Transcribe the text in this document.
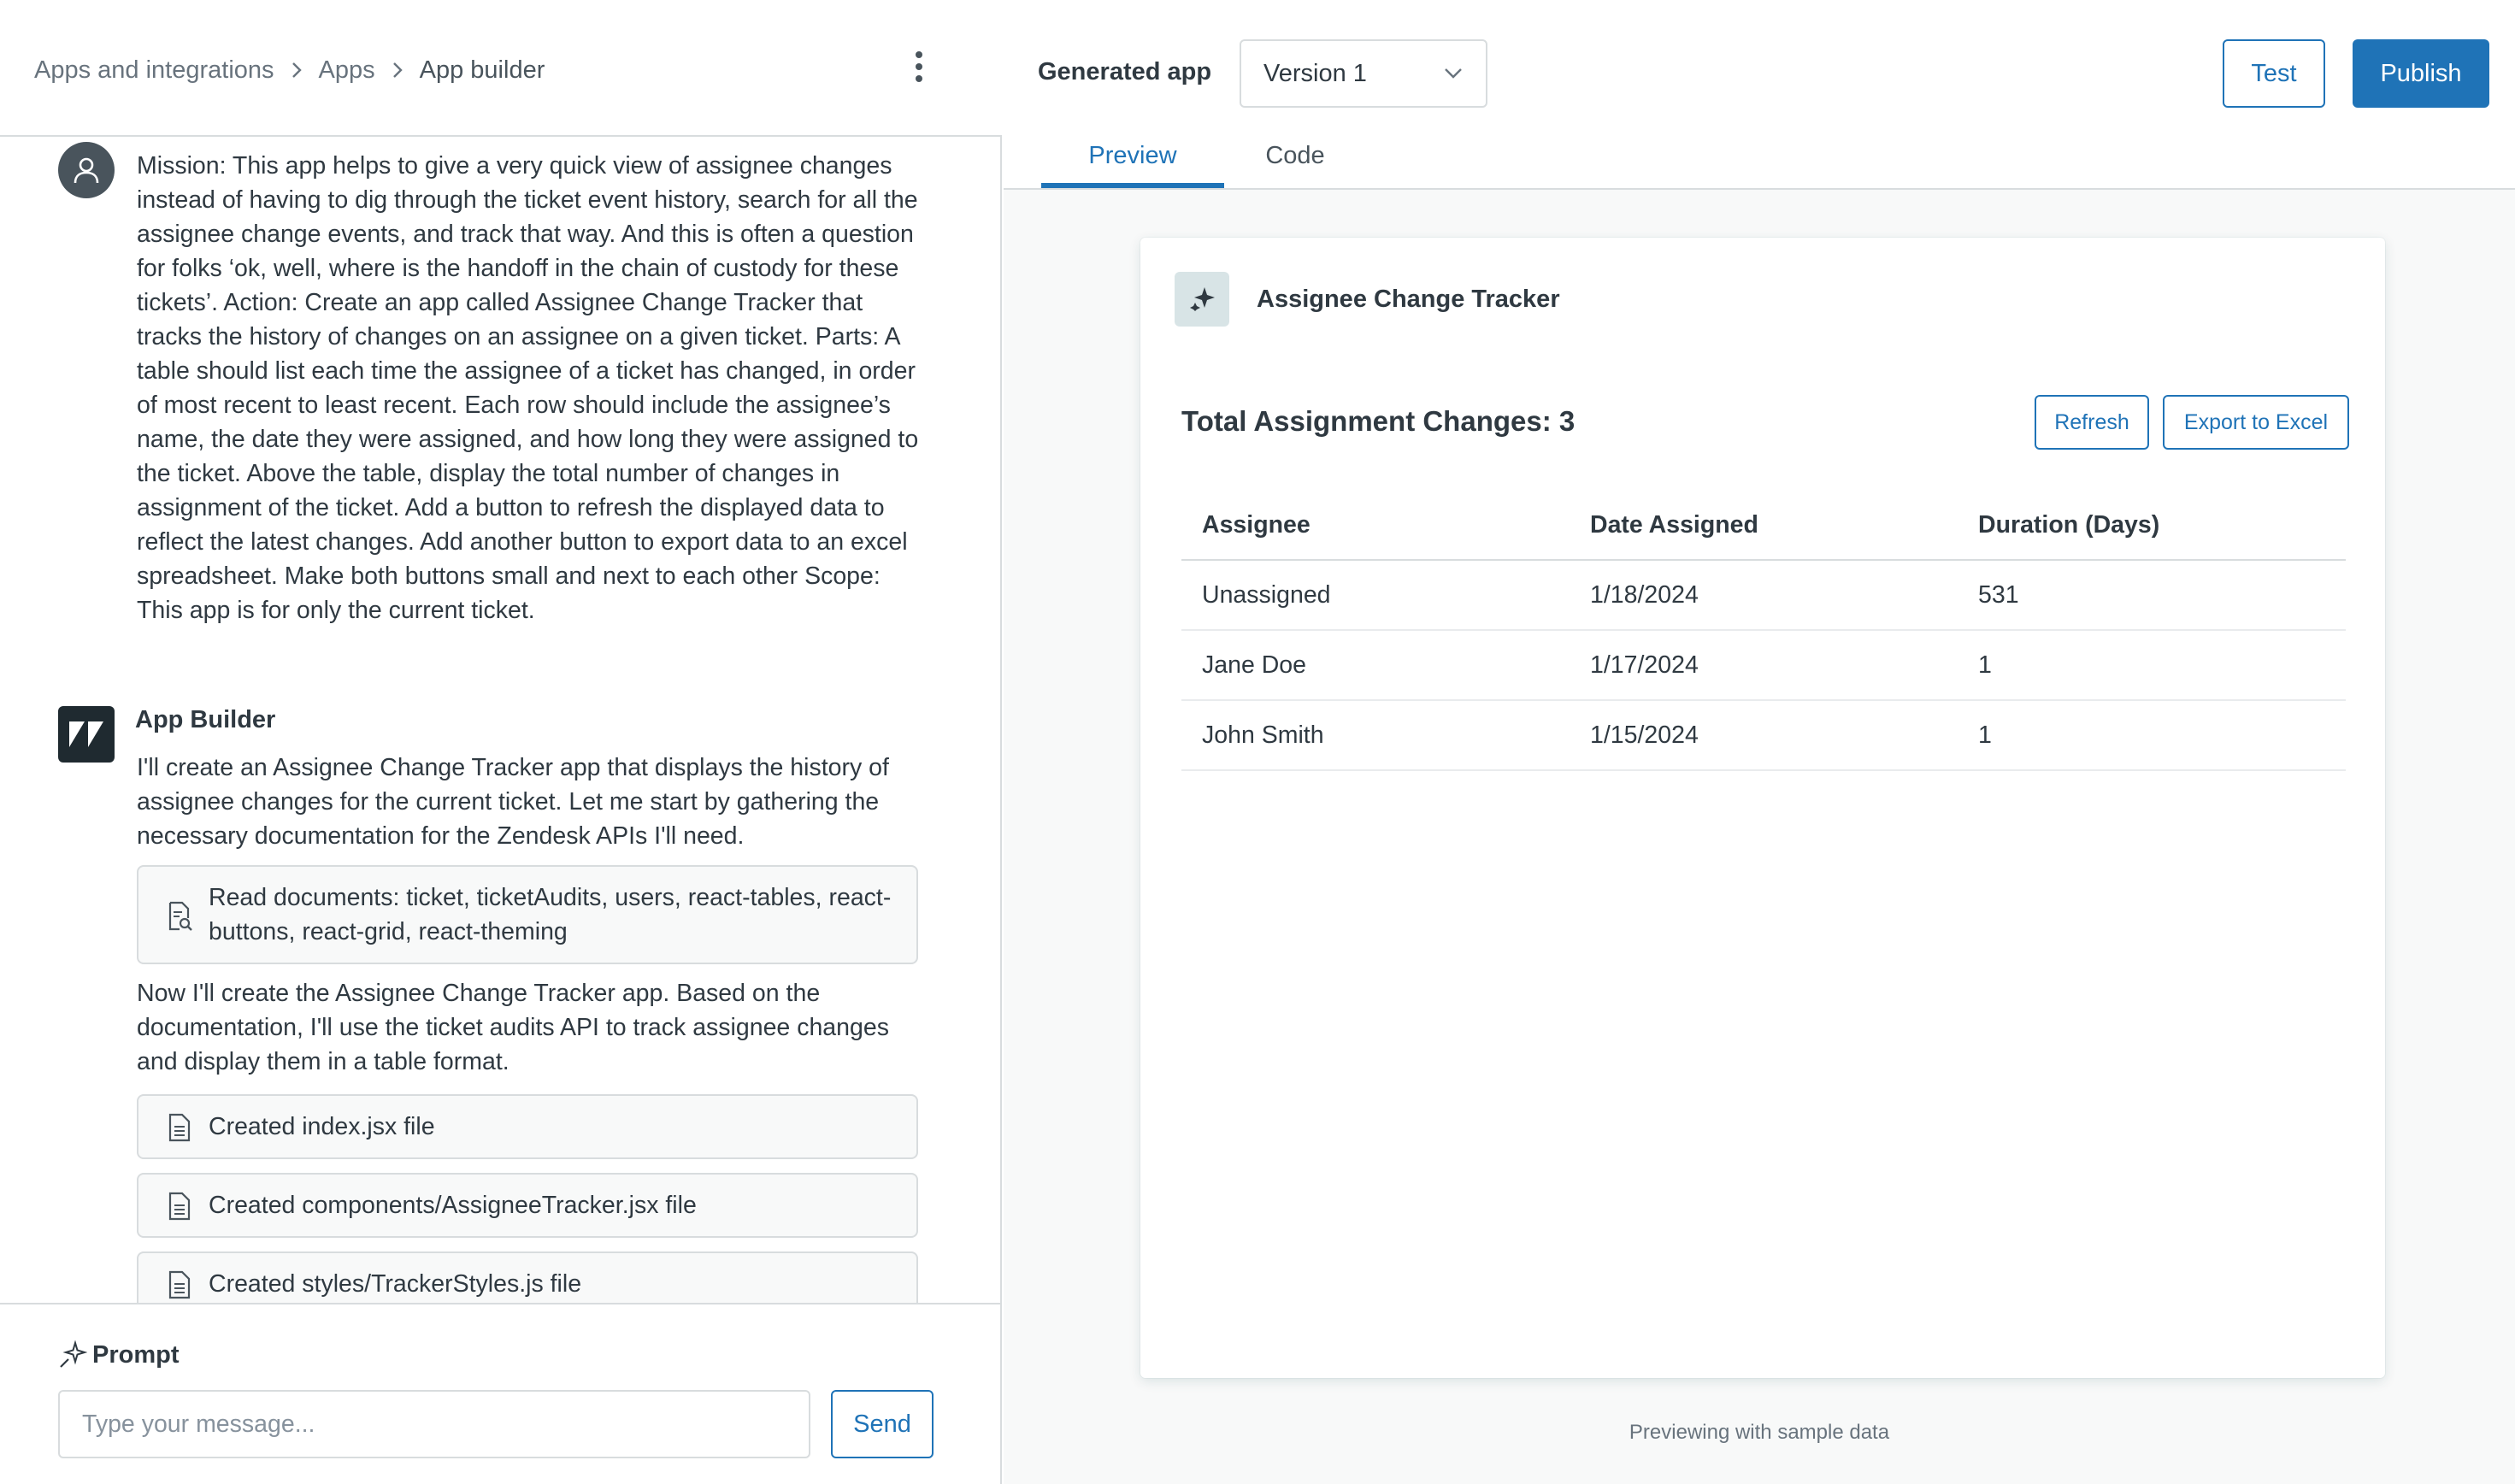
Apps and integrations Apps App builder
Mission: This app helps to give a very quick view of assignee changes instead of having to dig through the ticket event history, search for all the assignee change events, and track that way. And this is often a question for folks ‘ok, well, where is the handoff in the chain of custody for these tickets’. Action: Create an app called Assignee Change Tracker that tracks the history of changes on an assignee on a given ticket. Parts: A table should list each time the assignee of a ticket has changed, in order of most recent to least recent. Each row should include the assignee’s name, the date they were assigned, and how long they were assigned to the ticket. Above the table, display the total number of changes in assignment of the ticket. Add a button to refresh the displayed data to reflect the latest changes. Add another button to export data to an excel spreadsheet. Make both buttons small and next to each other Scope: This app is for only the current ticket.
App Builder
I'll create an Assignee Change Tracker app that displays the history of assignee changes for the current ticket. Let me start by gathering the necessary documentation for the Zendesk APIs I'll need.
Read documents: ticket, ticketAudits, users, react-tables, react-buttons, react-grid, react-theming
Now I'll create the Assignee Change Tracker app. Based on the documentation, I'll use the ticket audits API to track assignee changes and display them in a table format.
Created index.jsx file
Created components/AssigneeTracker.jsx file
Created styles/TrackerStyles.js file
Prompt
Type your message...
Send
Generated app Version 1	Test	Publish
Preview	Code
Assignee Change Tracker
Total Assignment Changes: 3	Refresh	Export to Excel
Assignee	Date Assigned	Duration (Days)
Unassigned	1/18/2024	531
Jane Doe	1/17/2024	1
John Smith	1/15/2024	1
Previewing with sample data
